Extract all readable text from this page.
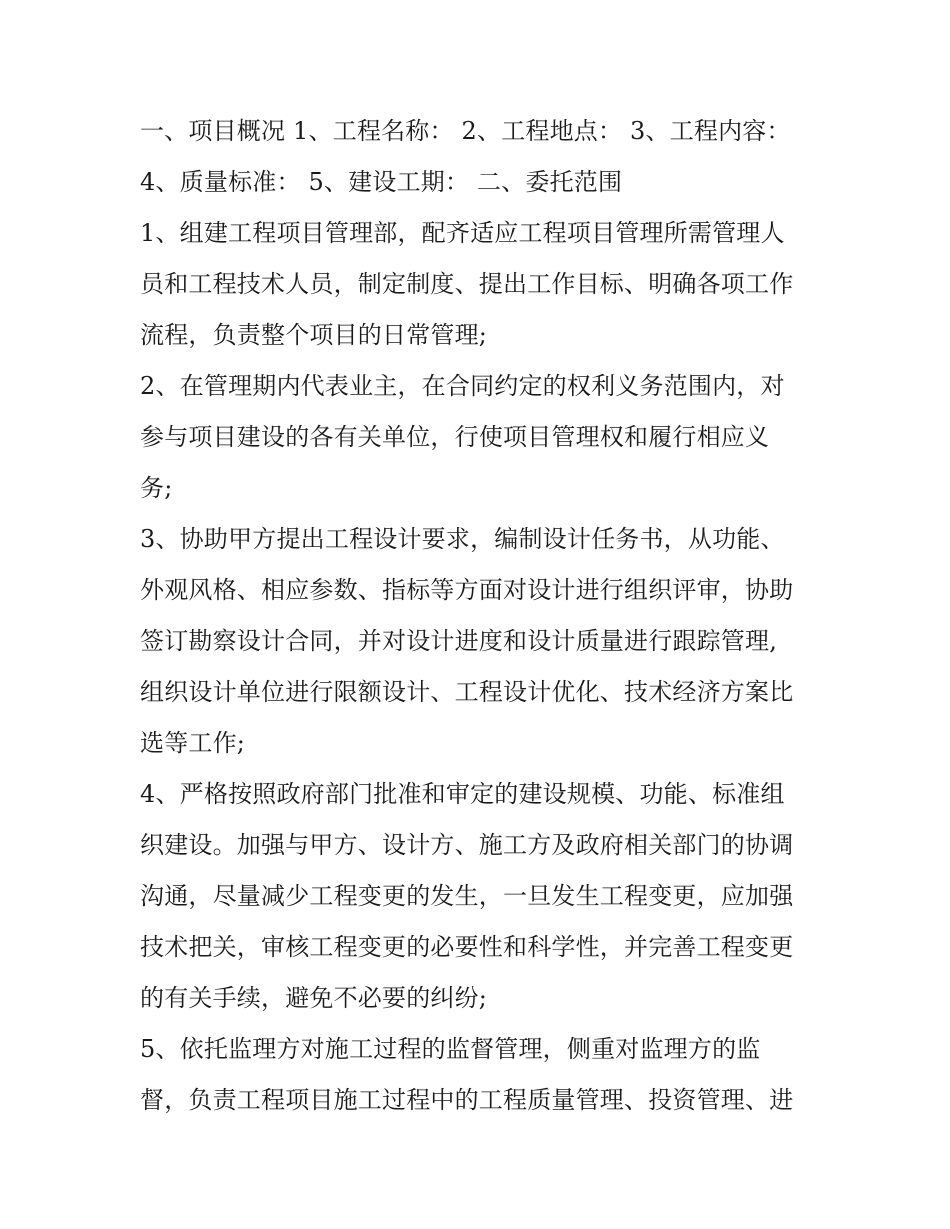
一、项目概况 1、工程名称： 2、工程地点： 3、工程内容：
4、质量标准： 5、建设工期： 二、委托范围
1、组建工程项目管理部，配齐适应工程项目管理所需管理人
员和工程技术人员，制定制度、提出工作目标、明确各项工作
流程，负责整个项目的日常管理;
2、在管理期内代表业主，在合同约定的权利义务范围内，对
参与项目建设的各有关单位，行使项目管理权和履行相应义
务;
3、协助甲方提出工程设计要求，编制设计任务书，从功能、
外观风格、相应参数、指标等方面对设计进行组织评审，协助
签订勘察设计合同，并对设计进度和设计质量进行跟踪管理,
组织设计单位进行限额设计、工程设计优化、技术经济方案比
选等工作;
4、严格按照政府部门批准和审定的建设规模、功能、标准组
织建设。加强与甲方、设计方、施工方及政府相关部门的协调
沟通，尽量减少工程变更的发生，一旦发生工程变更，应加强
技术把关，审核工程变更的必要性和科学性，并完善工程变更
的有关手续，避免不必要的纠纷;
5、依托监理方对施工过程的监督管理，侧重对监理方的监
督，负责工程项目施工过程中的工程质量管理、投资管理、进
